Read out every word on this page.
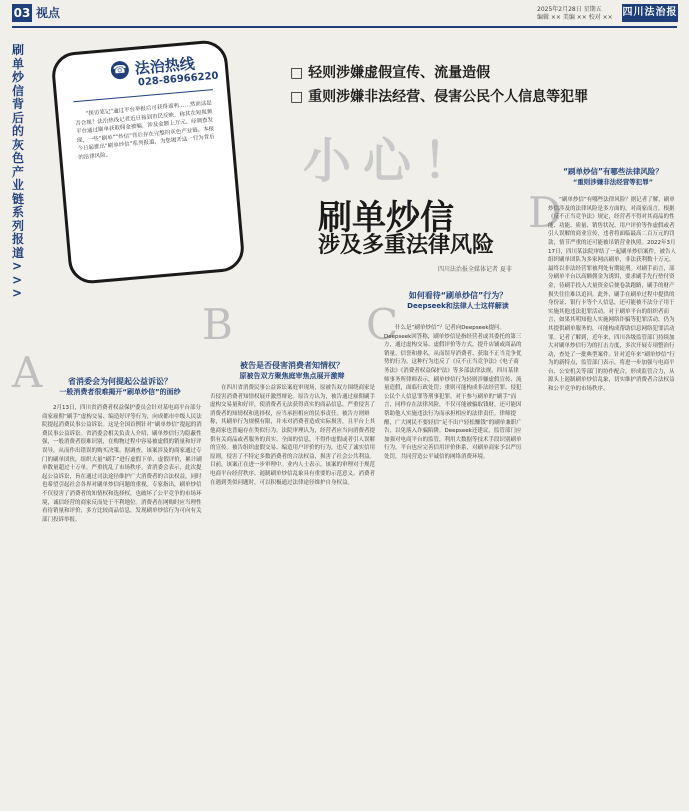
03 视点	2025年2月28日 星期五
编辑 ×× 美编 ×× 校对 ×× 四川法治报
刷单炒信背后的灰色产业链系列报道>>>
☎ 法治热线
028-86966220
“探访笔记”通过平台举报后可获得返利……然而这是否合规？法治热线记者近日接到市民反映，称其在短视频平台通过刷单获取佣金被骗，涉及金额上万元。经调查发现，一些“刷单”“炒信”背后存在完整的灰色产业链。本报今日起推出“刷单炒信”系列报道，为您揭开这一行为背后的法律风险。
□ 轻则涉嫌虚假宣传、流量造假
□ 重则涉嫌非法经营、侵害公民个人信息等犯罪
小心！
刷单炒信
涉及多重法律风险
四川法治报全媒体记者 夏非
A
B	C
D
省消委会为何提起公益诉讼？
一般消费者很难揭开“刷单炒信”的面纱
2月13日，四川省消费者权益保护委员会针对某电商平台部分商家雇佣“刷手”虚构交易、编造好评等行为，向成都市中级人民法院提起消费民事公益诉讼。这是全国首例针对“刷单炒信”提起的消费民事公益诉讼。省消委会相关负责人介绍，刷单炒信行为隐蔽性强，一般消费者很难识别，在购物过程中容易被虚假的销量和好评误导，从而作出错误的购买决策。据调查，该案涉及的商家通过专门的刷单团伙，组织大量“刷手”进行虚假下单、虚假评价，累计刷单数量超过十万单，严重扰乱了市场秩序。省消委会表示，此次提起公益诉讼，旨在通过司法途径维护广大消费者的合法权益，同时也希望引起社会各界对刷单炒信问题的重视。专家指出，刷单炒信不仅侵害了消费者的知情权和选择权，也破坏了公平竞争的市场环境，诚信经营的商家反而处于不利地位。消费者在网购时应当理性看待销量和评价，多方比较商品信息，发现刷单炒信行为可向有关部门投诉举报。
被告是否侵害消费者知情权？
原被告双方聚焦庭审焦点展开激辩
在四川省消费民事公益诉讼案庭审现场，原被告双方围绕商家是否侵害消费者知情权展开激烈辩论。原告方认为，被告通过雇佣刷手虚构交易量和好评，使消费者无法获得真实的商品信息，严重侵害了消费者的知情权和选择权，应当承担相应的民事责任。被告方则辩称，其刷单行为规模有限，并未对消费者造成实际损害，且平台上其他商家也普遍存在类似行为。法院审理认为，经营者应当向消费者提供有关商品或者服务的真实、全面的信息，不得作虚假或者引人误解的宣传。被告组织虚假交易、编造用户评价的行为，违反了诚实信用原则，侵害了不特定多数消费者的合法权益，损害了社会公共利益。目前，该案正在进一步审理中。业内人士表示，该案的审理对于规范电商平台经营秩序、遏制刷单炒信乱象具有重要的示范意义。消费者在遇到类似问题时，可以积极通过法律途径维护自身权益。
如何看待“刷单炒信”行为？
Deepseek和法律人士这样解读
什么是“刷单炒信”？记者向Deepseek提问。Deepseek回答称，刷单炒信是指经营者或其委托的第三方，通过虚构交易、虚假评价等方式，提升店铺或商品的销量、信誉和排名，从而误导消费者、获取不正当竞争优势的行为。这种行为违反了《反不正当竞争法》《电子商务法》《消费者权益保护法》等多部法律法规。四川某律师事务所律师表示，刷单炒信行为轻则涉嫌虚假宣传、流量造假，面临行政处罚；重则可能构成非法经营罪、侵犯公民个人信息罪等刑事犯罪。对于参与刷单的“刷手”而言，同样存在法律风险，不仅可能被骗取钱财，还可能因帮助他人实施违法行为而承担相应的法律责任。律师提醒，广大网民不要轻信“足不出户轻松赚钱”的刷单兼职广告，以免落入诈骗陷阱。Deepseek还建议，监管部门应加强对电商平台的监管，利用大数据等技术手段识别刷单行为，平台也应完善信用评价体系，对刷单商家予以严厉处罚，共同营造公平诚信的网络消费环境。
“刷单炒信”有哪些法律风险？
“重则涉嫌非法经营等犯罪”
“刷单炒信”有哪些法律风险？据记者了解，刷单炒信涉及的法律风险是多方面的。对商家而言，根据《反不正当竞争法》规定，经营者不得对其商品的性能、功能、质量、销售状况、用户评价等作虚假或者引人误解的商业宣传，违者将面临最高二百万元的罚款，情节严重的还可能被吊销营业执照。2022年3月17日，四川某法院审结了一起刷单炒信案件，被告人组织刷单团队为多家网店刷单，非法获利数十万元，最终以非法经营罪被判处有期徒刑。对刷手而言，部分刷单平台以高额佣金为诱饵，要求刷手先行垫付资金，待刷手投入大量资金后便卷款跑路，刷手的财产损失往往难以追回。此外，刷手在刷单过程中提供的身份证、银行卡等个人信息，还可能被不法分子用于实施其他违法犯罪活动。对于刷单平台的组织者而言，如果其明知他人实施网络诈骗等犯罪活动，仍为其提供刷单服务的，可能构成帮助信息网络犯罪活动罪。记者了解到，近年来，四川各级监管部门持续加大对刷单炒信行为的打击力度，多次开展专项整治行动，查处了一批典型案件。针对近年来“刷单炒信”行为的新特点，监管部门表示，将进一步加强与电商平台、公安机关等部门的协作配合，形成监管合力，从源头上遏制刷单炒信乱象，切实维护消费者合法权益和公平竞争的市场秩序。
